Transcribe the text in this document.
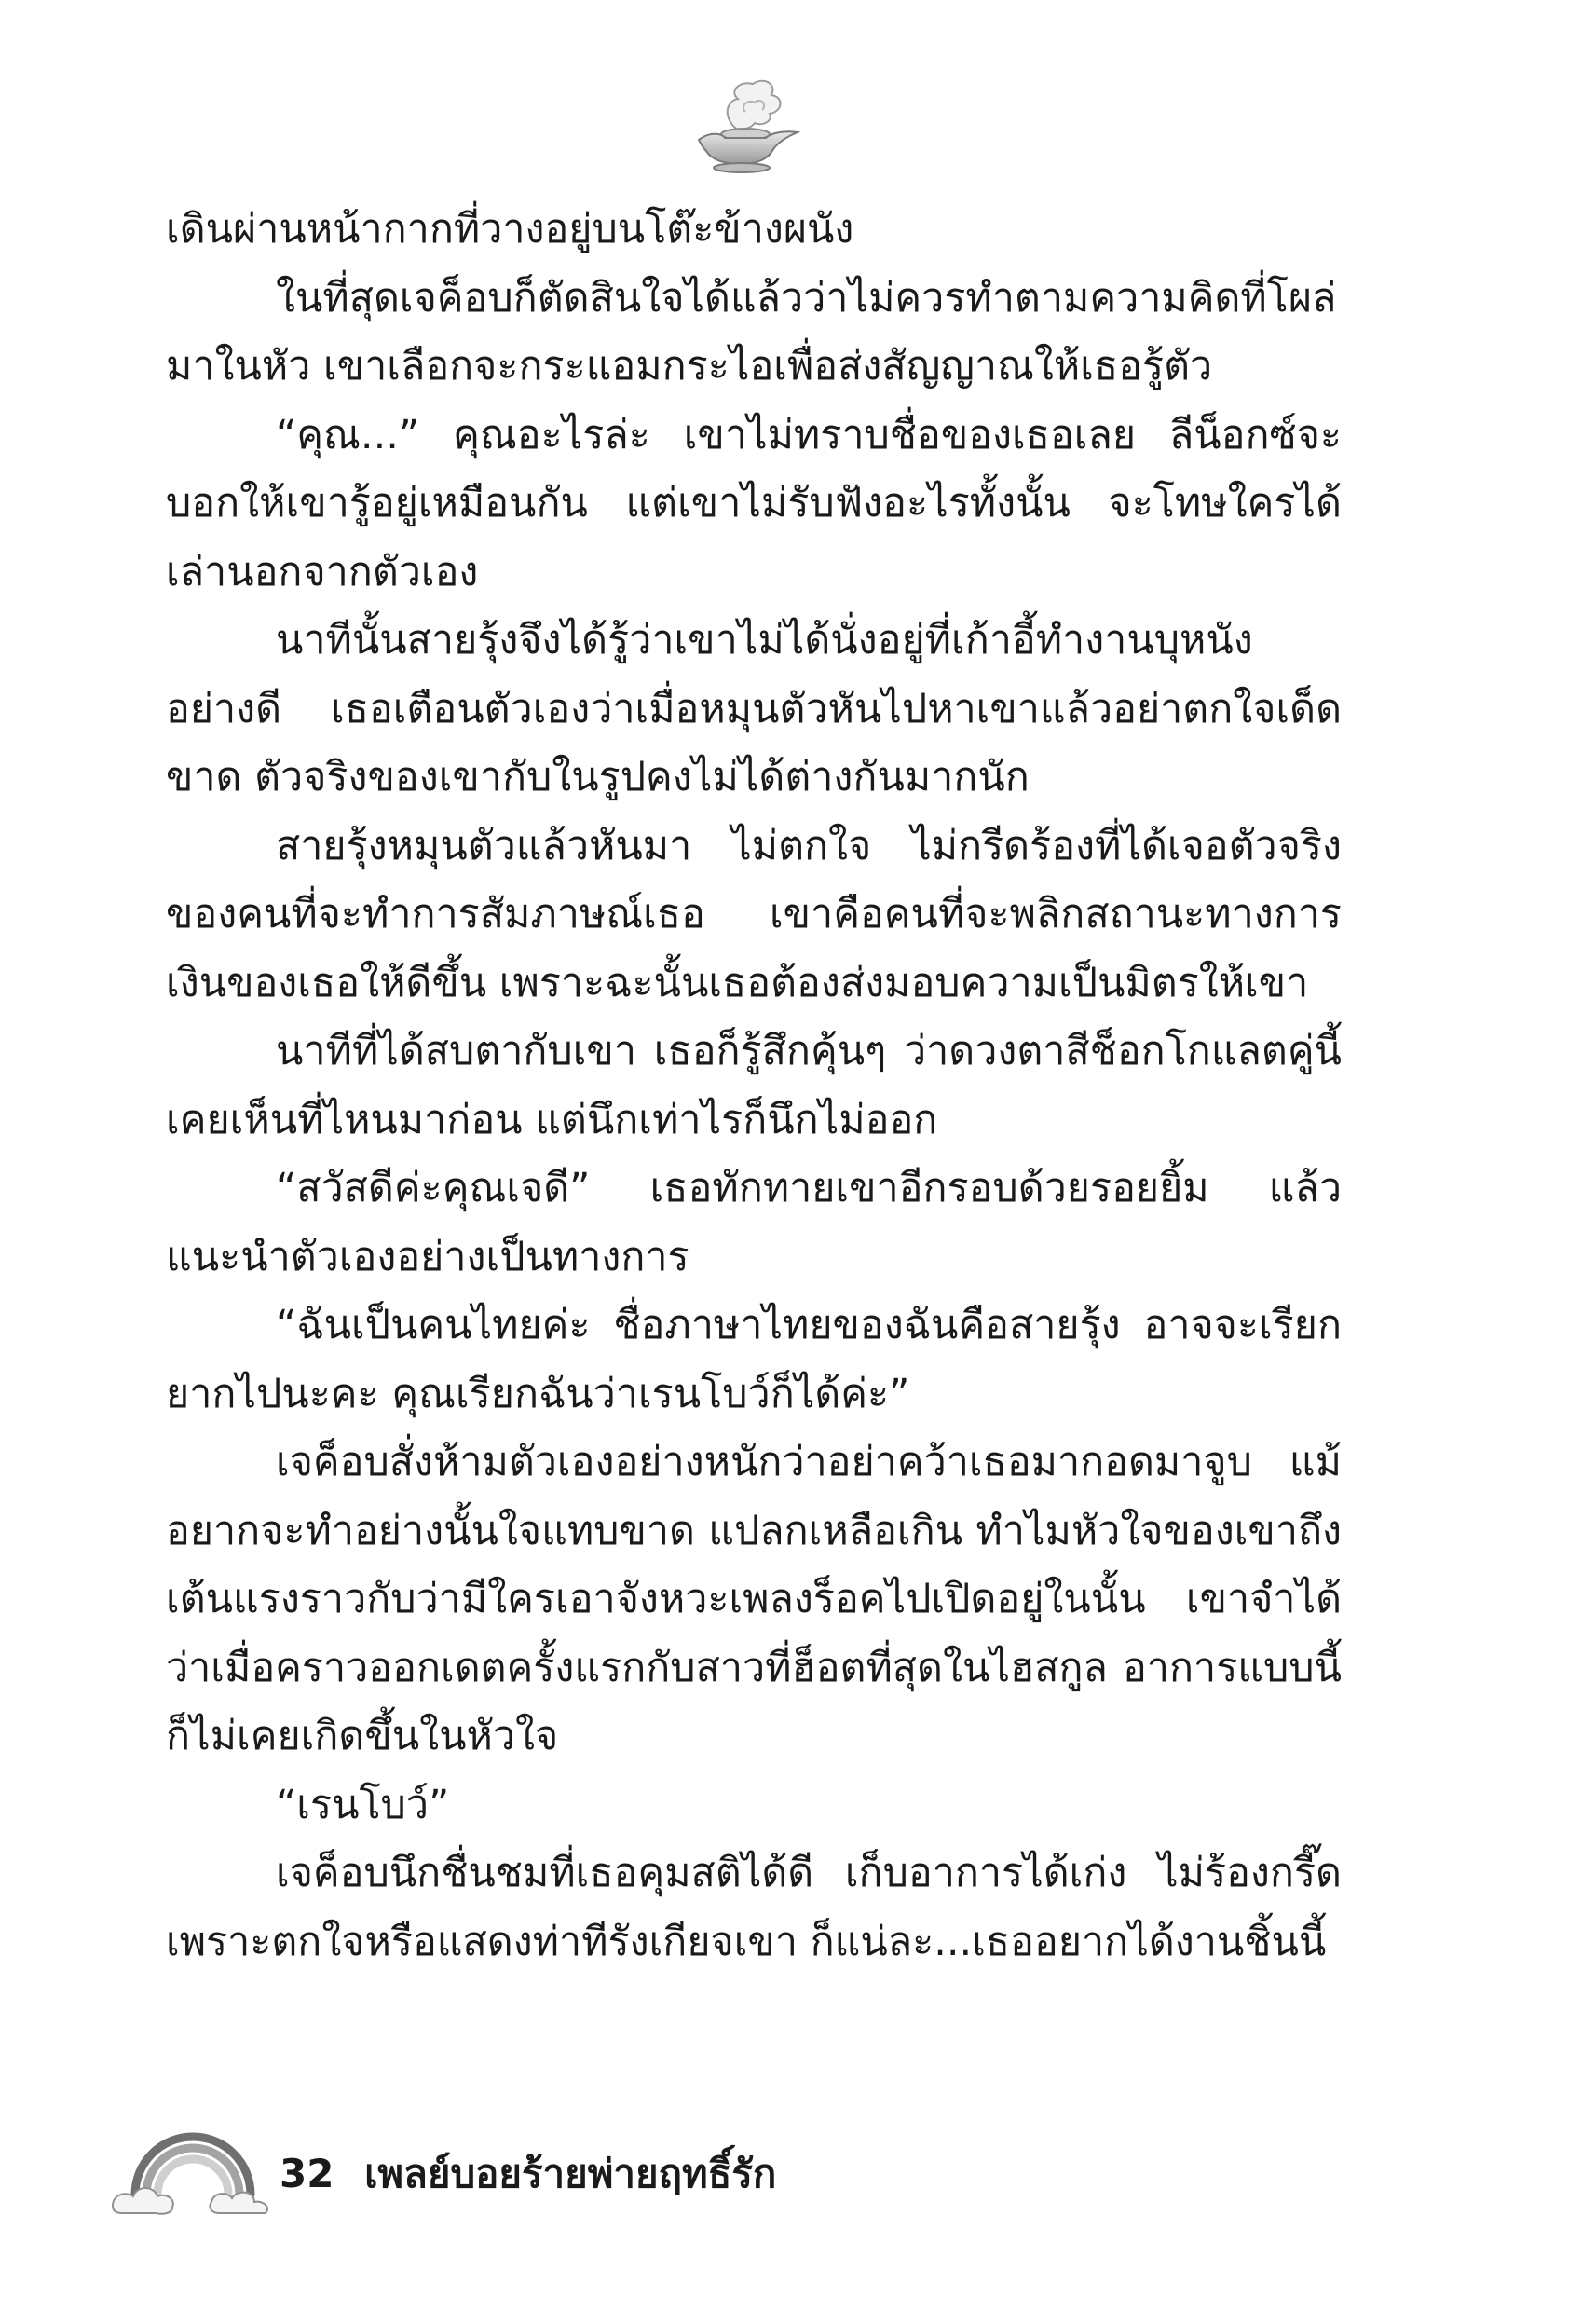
เดินผ่านหน้ากากที่วางอยู่บนโต๊ะข้างผนัง

ในที่สุดเจค็อบก็ตัดสินใจได้แล้วว่าไม่ควรทำตามความคิดที่โผล่มาในหัว เขาเลือกจะกระแอมกระไอเพื่อส่งสัญญาณให้เธอรู้ตัว

“คุณ...” คุณอะไรล่ะ เขาไม่ทราบชื่อของเธอเลย ลีน็อกซ์จะบอกให้เขารู้อยู่เหมือนกัน แต่เขาไม่รับฟังอะไรทั้งนั้น จะโทษใครได้เล่านอกจากตัวเอง

นาทีนั้นสายรุ้งจึงได้รู้ว่าเขาไม่ได้นั่งอยู่ที่เก้าอี้ทำงานบุหนังอย่างดี เธอเตือนตัวเองว่าเมื่อหมุนตัวหันไปหาเขาแล้วอย่าตกใจเด็ดขาด ตัวจริงของเขากับในรูปคงไม่ได้ต่างกันมากนัก

สายรุ้งหมุนตัวแล้วหันมา ไม่ตกใจ ไม่กรีดร้องที่ได้เจอตัวจริงของคนที่จะทำการสัมภาษณ์เธอ เขาคือคนที่จะพลิกสถานะทางการเงินของเธอให้ดีขึ้น เพราะฉะนั้นเธอต้องส่งมอบความเป็นมิตรให้เขา

นาทีที่ได้สบตากับเขา เธอก็รู้สึกคุ้นๆ ว่าดวงตาสีช็อกโกแลตคู่นี้เคยเห็นที่ไหนมาก่อน แต่นึกเท่าไรก็นึกไม่ออก

“สวัสดีค่ะคุณเจดี” เธอทักทายเขาอีกรอบด้วยรอยยิ้ม แล้วแนะนำตัวเองอย่างเป็นทางการ

“ฉันเป็นคนไทยค่ะ ชื่อภาษาไทยของฉันคือสายรุ้ง อาจจะเรียกยากไปนะคะ คุณเรียกฉันว่าเรนโบว์ก็ได้ค่ะ”

เจค็อบสั่งห้ามตัวเองอย่างหนักว่าอย่าคว้าเธอมากอดมาจูบ แม้อยากจะทำอย่างนั้นใจแทบขาด แปลกเหลือเกิน ทำไมหัวใจของเขาถึงเต้นแรงราวกับว่ามีใครเอาจังหวะเพลงร็อคไปเปิดอยู่ในนั้น เขาจำได้ว่าเมื่อคราวออกเดตครั้งแรกกับสาวที่ฮ็อตที่สุดในไฮสกูล อาการแบบนี้ก็ไม่เคยเกิดขึ้นในหัวใจ

“เรนโบว์”

เจค็อบนึกชื่นชมที่เธอคุมสติได้ดี เก็บอาการได้เก่ง ไม่ร้องกรี๊ดเพราะตกใจหรือแสดงท่าทีรังเกียจเขา ก็แน่ละ...เธออยากได้งานชิ้นนี้

32 เพลย์บอยร้ายพ่ายฤทธิ์รัก
